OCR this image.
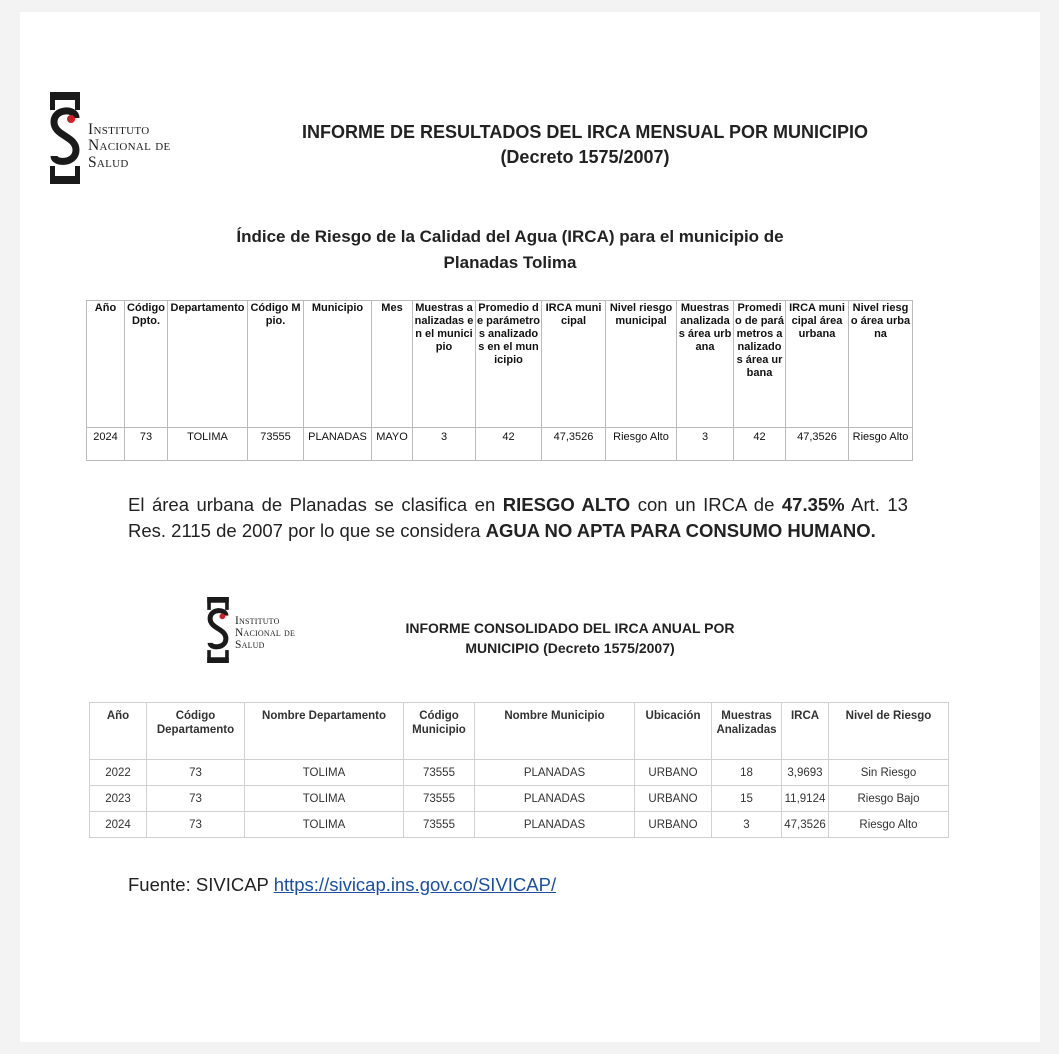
Instituto
Nacional de
Salud
INFORME DE RESULTADOS DEL IRCA MENSUAL POR MUNICIPIO
(Decreto 1575/2007)
Índice de Riesgo de la Calidad del Agua (IRCA) para el municipio de
Planadas Tolima
Año	Código Dpto.	Departamento	Código Mpio.	Municipio	Mes	Muestras analizadas en el municipio	Promedio de parámetros analizados en el municipio	IRCA municipal	Nivel riesgo municipal	Muestras analizadas área urbana	Promedio de parámetros analizados área urbana	IRCA municipal área urbana	Nivel riesgo área urbana
2024	73	TOLIMA	73555	PLANADAS	MAYO	3	42	47,3526	Riesgo Alto	3	42	47,3526	Riesgo Alto
El área urbana de Planadas se clasifica en RIESGO ALTO con un IRCA de 47.35% Art. 13 Res. 2115 de 2007 por lo que se considera AGUA NO APTA PARA CONSUMO HUMANO.
Instituto
Nacional de
Salud
INFORME CONSOLIDADO DEL IRCA ANUAL POR
MUNICIPIO (Decreto 1575/2007)
Año	Código Departamento	Nombre Departamento	Código Municipio	Nombre Municipio	Ubicación	Muestras Analizadas	IRCA	Nivel de Riesgo
2022	73	TOLIMA	73555	PLANADAS	URBANO	18	3,9693	Sin Riesgo
2023	73	TOLIMA	73555	PLANADAS	URBANO	15	11,9124	Riesgo Bajo
2024	73	TOLIMA	73555	PLANADAS	URBANO	3	47,3526	Riesgo Alto
Fuente: SIVICAP https://sivicap.ins.gov.co/SIVICAP/
